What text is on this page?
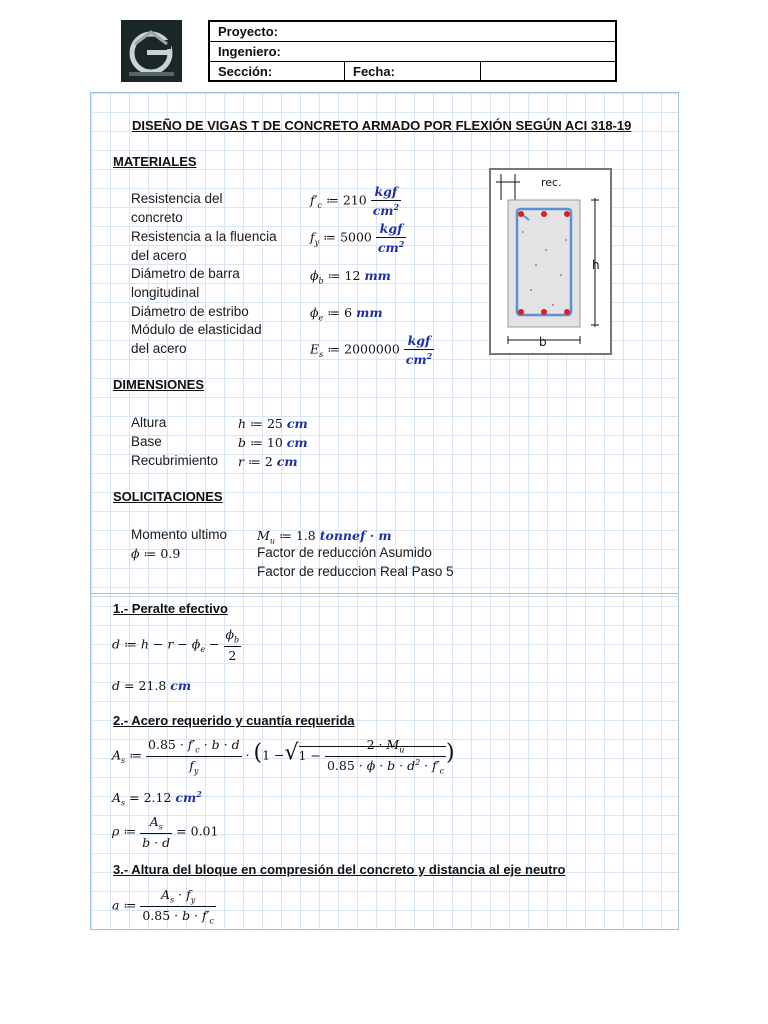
Proyecto:
Ingeniero:
Sección:	Fecha:
DISEÑO DE VIGAS T DE CONCRETO ARMADO POR FLEXIÓN SEGÚN ACI 318-19
MATERIALES
Resistencia del
concreto
Resistencia a la fluencia
del acero
Diámetro de barra
longitudinal
Diámetro de estribo
Módulo de elasticidad
del acero
$f'_c$ ≔ $210 \frac{\text{kgf}}{cm^2}$
$f_y$ ≔ $5000 \frac{\text{kgf}}{cm^2}$
$\phi_b$ ≔ 12 mm
$\phi_e$ ≔ 6 mm
$E_s$ ≔ $2000000 \frac{\text{kgf}}{cm^2}$
rec.
h
b
DIMENSIONES
Altura
Base
Recubrimiento
h ≔ 25 cm
b ≔ 10 cm
r ≔ 2 cm
SOLICITACIONES
Momento ultimo $M_u$ ≔ 1.8 tonnef · m
ϕ ≔ 0.9	Factor de reducción Asumido
Factor de reduccion Real Paso 5
1.- Peralte efectivo
d ≔ $h - r - \phi_e - \frac{\phi_b}{2}$
d = 21.8 cm
2.- Acero requerido y cuantía requerida
$A_s$ ≔ $\frac{0.85 \cdot f'_c \cdot b \cdot d}{f_y} \cdot (1 -√1 - \frac{2 \cdot M_u}{0.85 \cdot \phi \cdot b \cdot d^2 \cdot f'_c}$ )
$A_s = 2.12$ $cm^2$
ρ ≔ $\frac{A_s}{b \cdot d} = 0.01$
3.- Altura del bloque en compresión del concreto y distancia al eje neutro
a ≔ $\frac{A_s \cdot f_y}{0.85 \cdot b \cdot f'_c}$
